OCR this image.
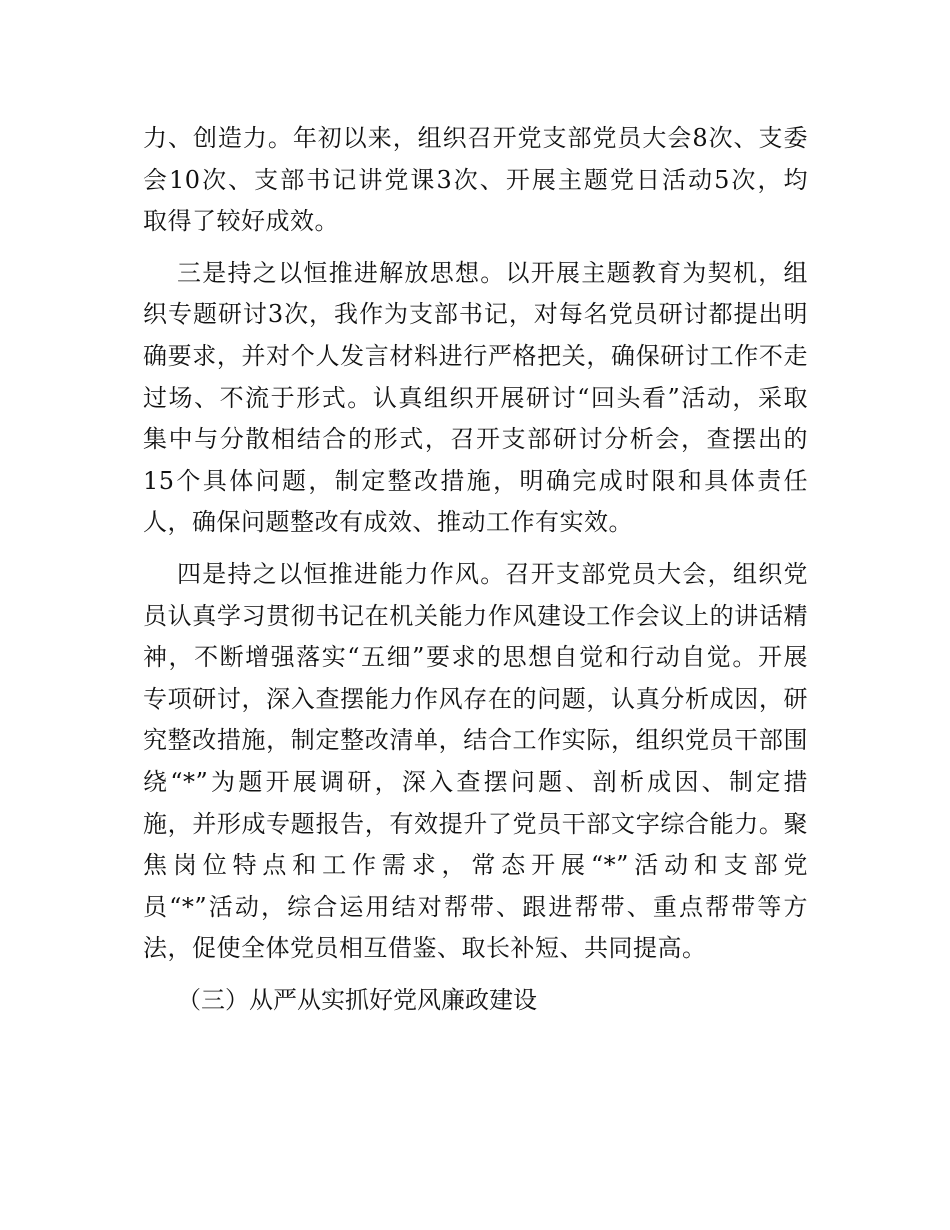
力、创造力。年初以来，组织召开党支部党员大会8次、支委
会10次、支部书记讲党课3次、开展主题党日活动5次，均
取得了较好成效。
三是持之以恒推进解放思想。以开展主题教育为契机，组
织专题研讨3次，我作为支部书记，对每名党员研讨都提出明
确要求，并对个人发言材料进行严格把关，确保研讨工作不走
过场、不流于形式。认真组织开展研讨“回头看”活动，采取
集中与分散相结合的形式，召开支部研讨分析会，查摆出的
15个具体问题，制定整改措施，明确完成时限和具体责任
人，确保问题整改有成效、推动工作有实效。
四是持之以恒推进能力作风。召开支部党员大会，组织党
员认真学习贯彻书记在机关能力作风建设工作会议上的讲话精
神，不断增强落实“五细”要求的思想自觉和行动自觉。开展
专项研讨，深入查摆能力作风存在的问题，认真分析成因，研
究整改措施，制定整改清单，结合工作实际，组织党员干部围
绕“*”为题开展调研，深入查摆问题、剖析成因、制定措
施，并形成专题报告，有效提升了党员干部文字综合能力。聚
焦岗位特点和工作需求，常态开展“*”活动和支部党
员“*”活动，综合运用结对帮带、跟进帮带、重点帮带等方
法，促使全体党员相互借鉴、取长补短、共同提高。
（三）从严从实抓好党风廉政建设
